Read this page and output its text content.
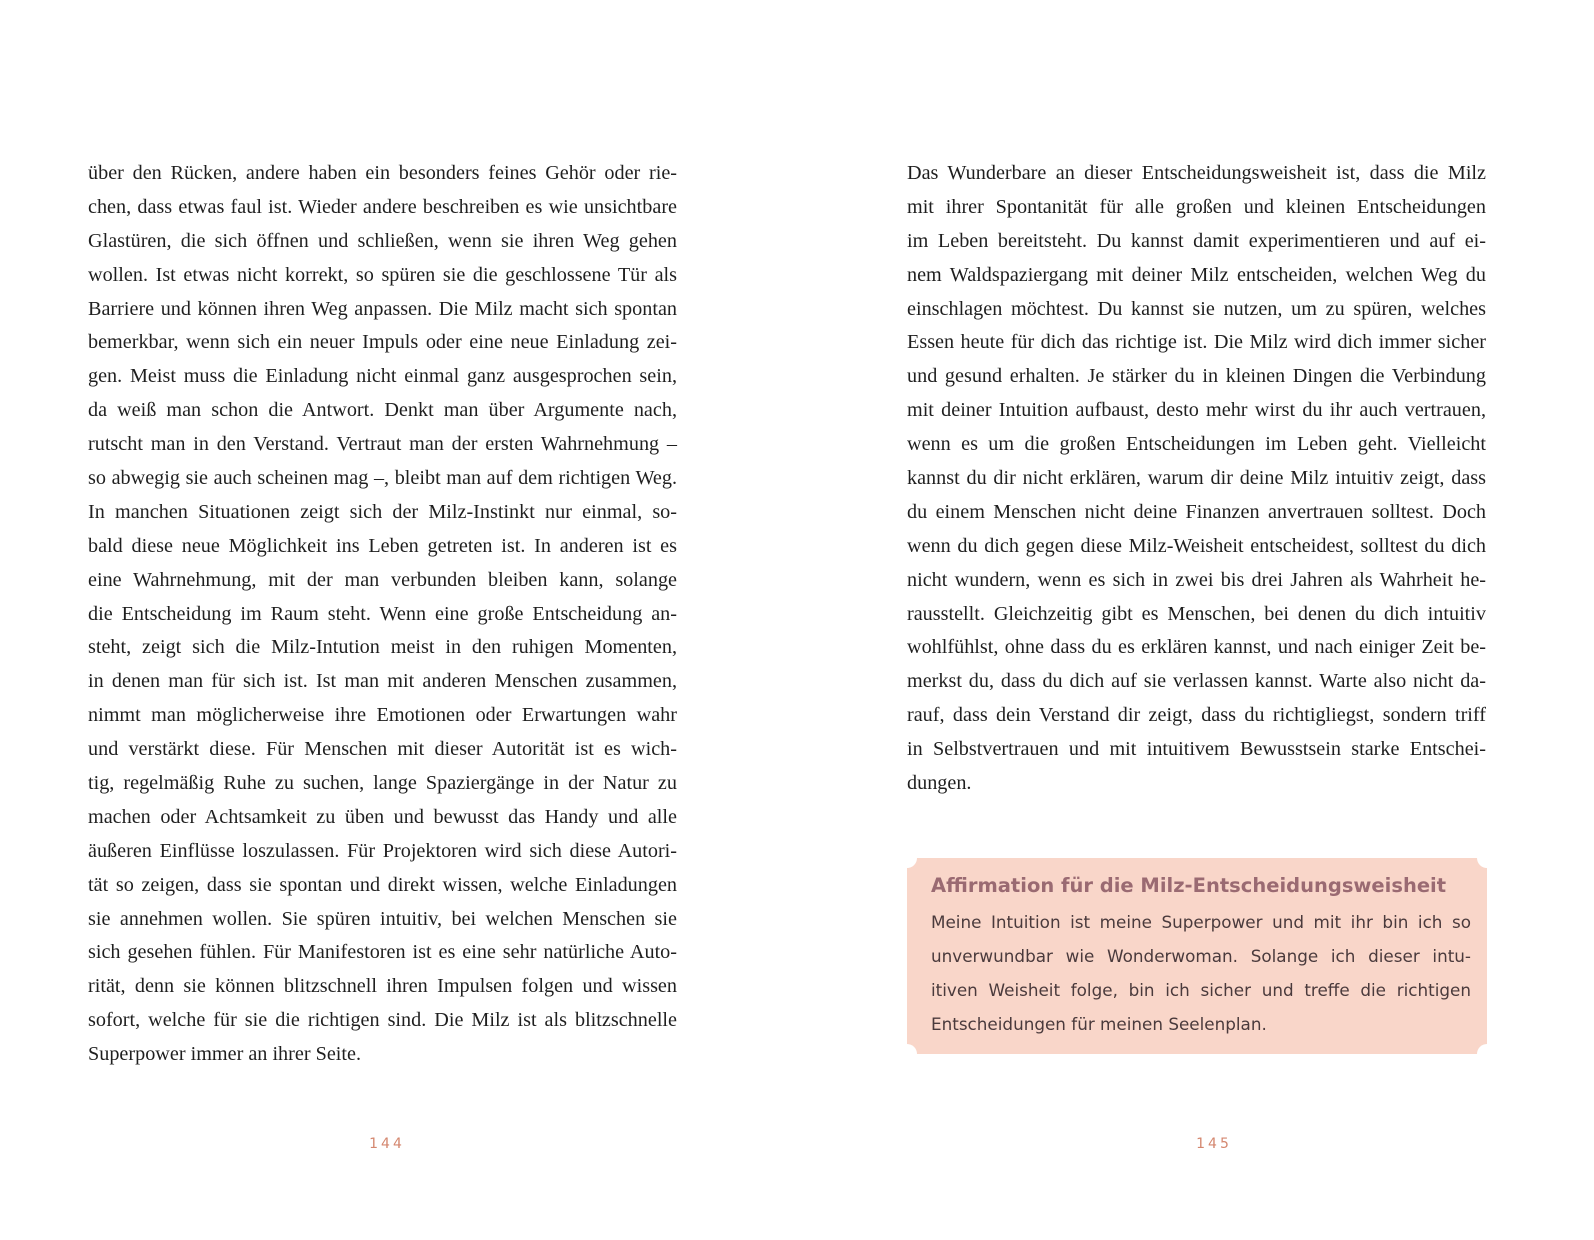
über den Rücken, andere haben ein besonders feines Gehör oder rie-
chen, dass etwas faul ist. Wieder andere beschreiben es wie unsichtbare
Glastüren, die sich öffnen und schließen, wenn sie ihren Weg gehen
wollen. Ist etwas nicht korrekt, so spüren sie die geschlossene Tür als
Barriere und können ihren Weg anpassen. Die Milz macht sich spontan
bemerkbar, wenn sich ein neuer Impuls oder eine neue Einladung zei-
gen. Meist muss die Einladung nicht einmal ganz ausgesprochen sein,
da weiß man schon die Antwort. Denkt man über Argumente nach,
rutscht man in den Verstand. Vertraut man der ersten Wahrnehmung –
so abwegig sie auch scheinen mag –, bleibt man auf dem richtigen Weg.
In manchen Situationen zeigt sich der Milz-Instinkt nur einmal, so-
bald diese neue Möglichkeit ins Leben getreten ist. In anderen ist es
eine Wahrnehmung, mit der man verbunden bleiben kann, solange
die Entscheidung im Raum steht. Wenn eine große Entscheidung an-
steht, zeigt sich die Milz-Intution meist in den ruhigen Momenten,
in denen man für sich ist. Ist man mit anderen Menschen zusammen,
nimmt man möglicherweise ihre Emotionen oder Erwartungen wahr
und verstärkt diese. Für Menschen mit dieser Autorität ist es wich-
tig, regelmäßig Ruhe zu suchen, lange Spaziergänge in der Natur zu
machen oder Achtsamkeit zu üben und bewusst das Handy und alle
äußeren Einflüsse loszulassen. Für Projektoren wird sich diese Autori-
tät so zeigen, dass sie spontan und direkt wissen, welche Einladungen
sie annehmen wollen. Sie spüren intuitiv, bei welchen Menschen sie
sich gesehen fühlen. Für Manifestoren ist es eine sehr natürliche Auto-
rität, denn sie können blitzschnell ihren Impulsen folgen und wissen
sofort, welche für sie die richtigen sind. Die Milz ist als blitzschnelle
Superpower immer an ihrer Seite.
144
Das Wunderbare an dieser Entscheidungsweisheit ist, dass die Milz
mit ihrer Spontanität für alle großen und kleinen Entscheidungen
im Leben bereitsteht. Du kannst damit experimentieren und auf ei-
nem Waldspaziergang mit deiner Milz entscheiden, welchen Weg du
einschlagen möchtest. Du kannst sie nutzen, um zu spüren, welches
Essen heute für dich das richtige ist. Die Milz wird dich immer sicher
und gesund erhalten. Je stärker du in kleinen Dingen die Verbindung
mit deiner Intuition aufbaust, desto mehr wirst du ihr auch vertrauen,
wenn es um die großen Entscheidungen im Leben geht. Vielleicht
kannst du dir nicht erklären, warum dir deine Milz intuitiv zeigt, dass
du einem Menschen nicht deine Finanzen anvertrauen solltest. Doch
wenn du dich gegen diese Milz-Weisheit entscheidest, solltest du dich
nicht wundern, wenn es sich in zwei bis drei Jahren als Wahrheit he-
rausstellt. Gleichzeitig gibt es Menschen, bei denen du dich intuitiv
wohlfühlst, ohne dass du es erklären kannst, und nach einiger Zeit be-
merkst du, dass du dich auf sie verlassen kannst. Warte also nicht da-
rauf, dass dein Verstand dir zeigt, dass du richtigliegst, sondern triff
in Selbstvertrauen und mit intuitivem Bewusstsein starke Entschei-
dungen.
Affirmation für die Milz-Entscheidungsweisheit
Meine Intuition ist meine Superpower und mit ihr bin ich so
unverwundbar wie Wonderwoman. Solange ich dieser intu-
itiven Weisheit folge, bin ich sicher und treffe die richtigen
Entscheidungen für meinen Seelenplan.
145
